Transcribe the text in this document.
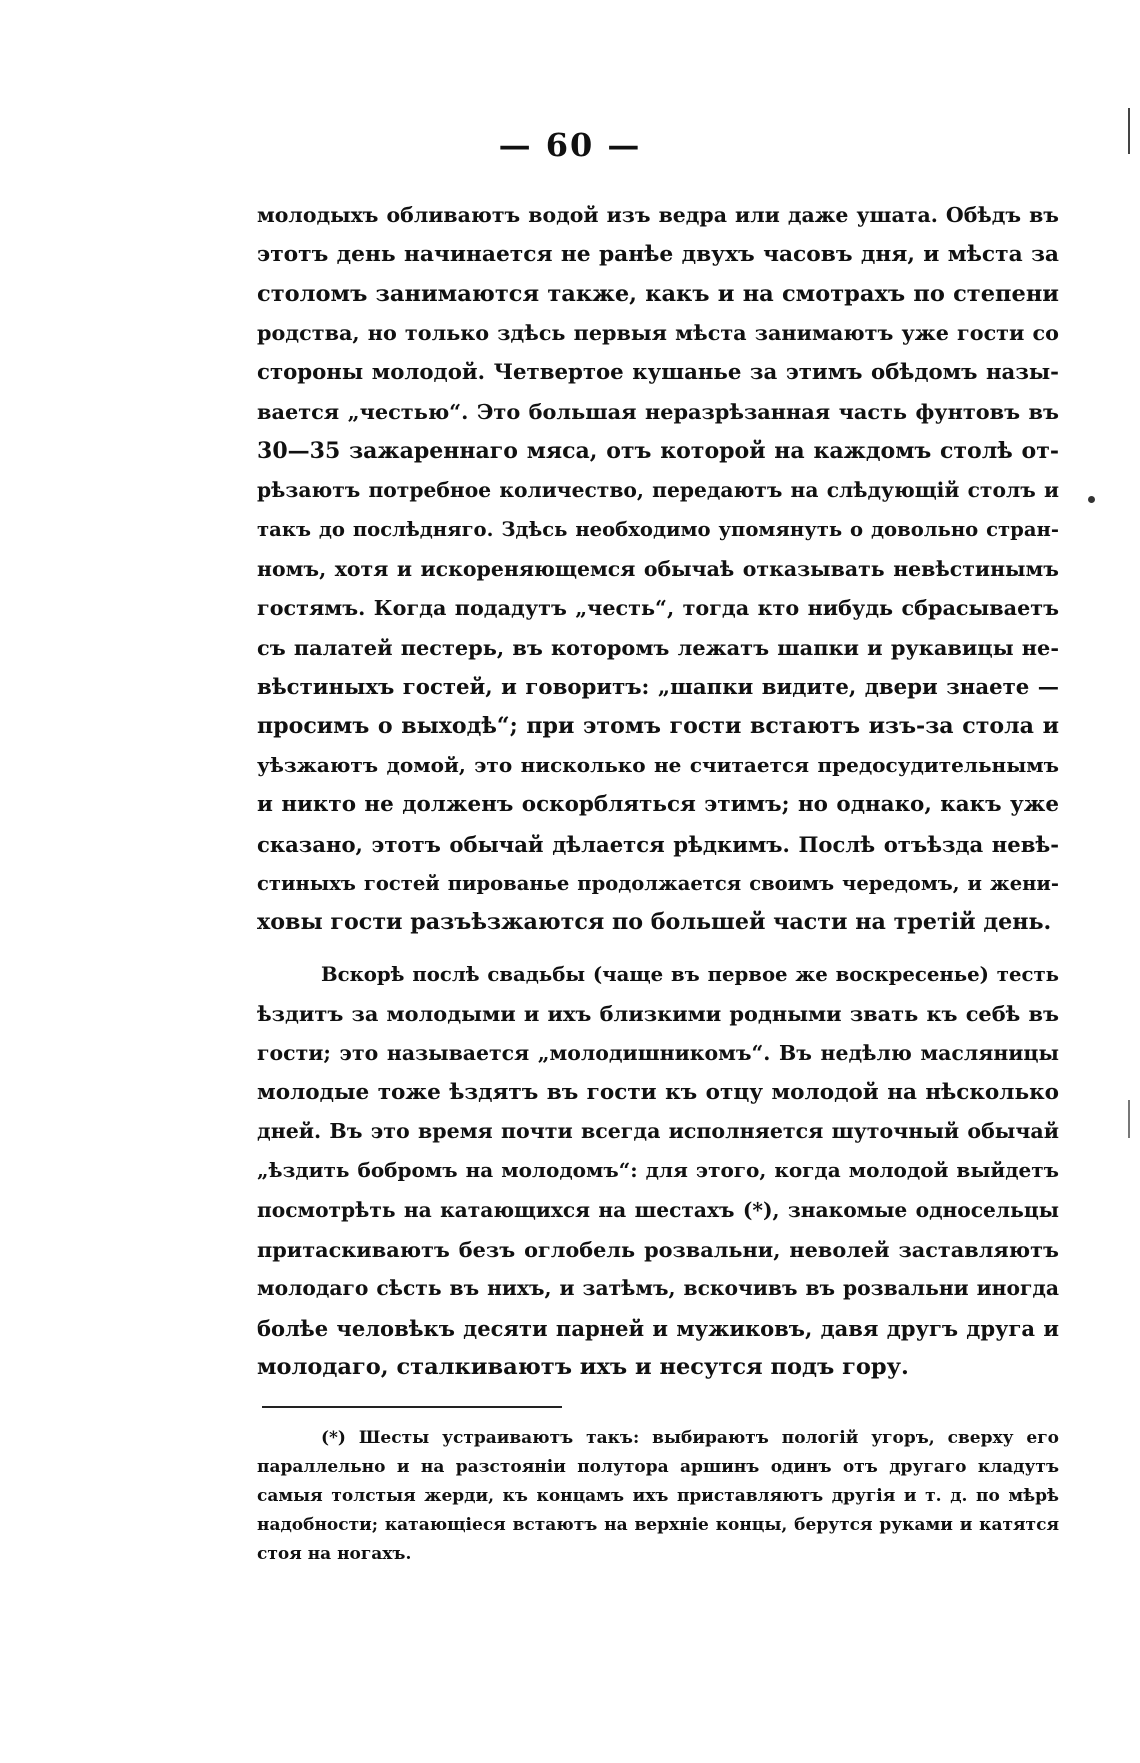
— 60 —
молодыхъ обливаютъ водой изъ ведра или даже ушата. Обѣдъ въ
этотъ день начинается не ранѣе двухъ часовъ дня, и мѣста за
столомъ занимаются также, какъ и на смотрахъ по степени
родства, но только здѣсь первыя мѣста занимаютъ уже гости со
стороны молодой. Четвертое кушанье за этимъ обѣдомъ назы-
вается „честью“. Это большая неразрѣзанная часть фунтовъ въ
30—35 зажареннаго мяса, отъ которой на каждомъ столѣ от-
рѣзаютъ потребное количество, передаютъ на слѣдующій столъ и
такъ до послѣдняго. Здѣсь необходимо упомянуть о довольно стран-
номъ, хотя и искореняющемся обычаѣ отказывать невѣстинымъ
гостямъ. Когда подадутъ „честь“, тогда кто нибудь сбрасываетъ
съ палатей пестерь, въ которомъ лежатъ шапки и рукавицы не-
вѣстиныхъ гостей, и говоритъ: „шапки видите, двери знаете —
просимъ о выходѣ“; при этомъ гости встаютъ изъ-за стола и
уѣзжаютъ домой, это нисколько не считается предосудительнымъ
и никто не долженъ оскорбляться этимъ; но однако, какъ уже
сказано, этотъ обычай дѣлается рѣдкимъ. Послѣ отъѣзда невѣ-
стиныхъ гостей пированье продолжается своимъ чередомъ, и жени-
ховы гости разъѣзжаются по большей части на третій день.
Вскорѣ послѣ свадьбы (чаще въ первое же воскресенье) тесть
ѣздитъ за молодыми и ихъ близкими родными звать къ себѣ въ
гости; это называется „молодишникомъ“. Въ недѣлю масляницы
молодые тоже ѣздятъ въ гости къ отцу молодой на нѣсколько
дней. Въ это время почти всегда исполняется шуточный обычай
„ѣздить бобромъ на молодомъ“: для этого, когда молодой выйдетъ
посмотрѣть на катающихся на шестахъ (*), знакомые односельцы
притаскиваютъ безъ оглобель розвальни, неволей заставляютъ
молодаго сѣсть въ нихъ, и затѣмъ, вскочивъ въ розвальни иногда
болѣе человѣкъ десяти парней и мужиковъ, давя другъ друга и
молодаго, сталкиваютъ ихъ и несутся подъ гору.
(*) Шесты устраиваютъ такъ: выбираютъ пологій угоръ, сверху его
параллельно и на разстояніи полутора аршинъ одинъ отъ другаго кладутъ
самыя толстыя жерди, къ концамъ ихъ приставляютъ другія и т. д. по мѣрѣ
надобности; катающіеся встаютъ на верхніе концы, берутся руками и катятся
стоя на ногахъ.
